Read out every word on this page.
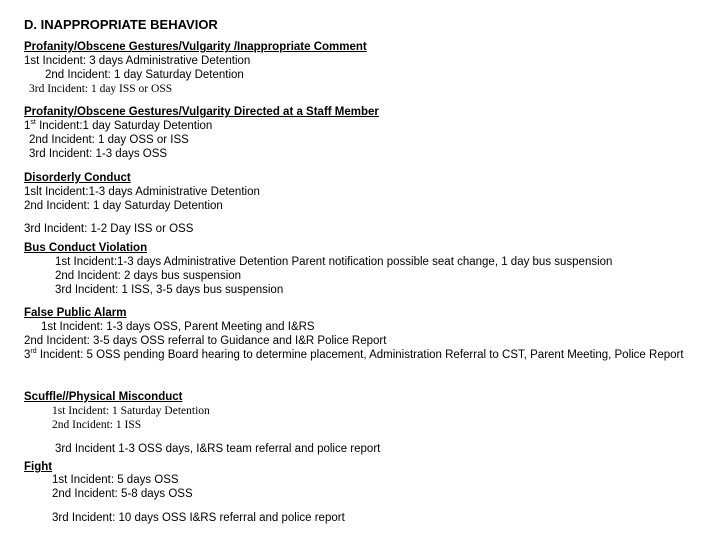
D. INAPPROPRIATE BEHAVIOR
Profanity/Obscene Gestures/Vulgarity /Inappropriate Comment
1st Incident: 3 days Administrative Detention
2nd Incident: 1 day Saturday Detention
3rd Incident: 1 day ISS or OSS
Profanity/Obscene Gestures/Vulgarity Directed at a Staff Member
1st Incident:1 day Saturday Detention
2nd Incident: 1 day OSS or ISS
3rd Incident: 1-3 days OSS
Disorderly Conduct
1slt Incident:1-3 days Administrative Detention
2nd Incident: 1 day Saturday Detention
3rd Incident: 1-2 Day ISS or OSS
Bus Conduct Violation
1st Incident:1-3 days Administrative Detention Parent notification possible seat change, 1 day bus suspension
2nd Incident: 2 days bus suspension
3rd Incident: 1 ISS, 3-5 days bus suspension
False Public Alarm
1st Incident: 1-3 days OSS, Parent Meeting and I&RS
2nd Incident: 3-5 days OSS referral to Guidance and I&R Police Report
3rd Incident: 5 OSS pending Board hearing to determine placement, Administration Referral to CST, Parent Meeting, Police Report
Scuffle//Physical Misconduct
1st Incident: 1 Saturday Detention
2nd Incident: 1 ISS
3rd Incident 1-3 OSS days, I&RS team referral and police report
Fight
1st Incident: 5 days OSS
2nd Incident: 5-8 days OSS
3rd Incident: 10 days OSS I&RS referral and police report
